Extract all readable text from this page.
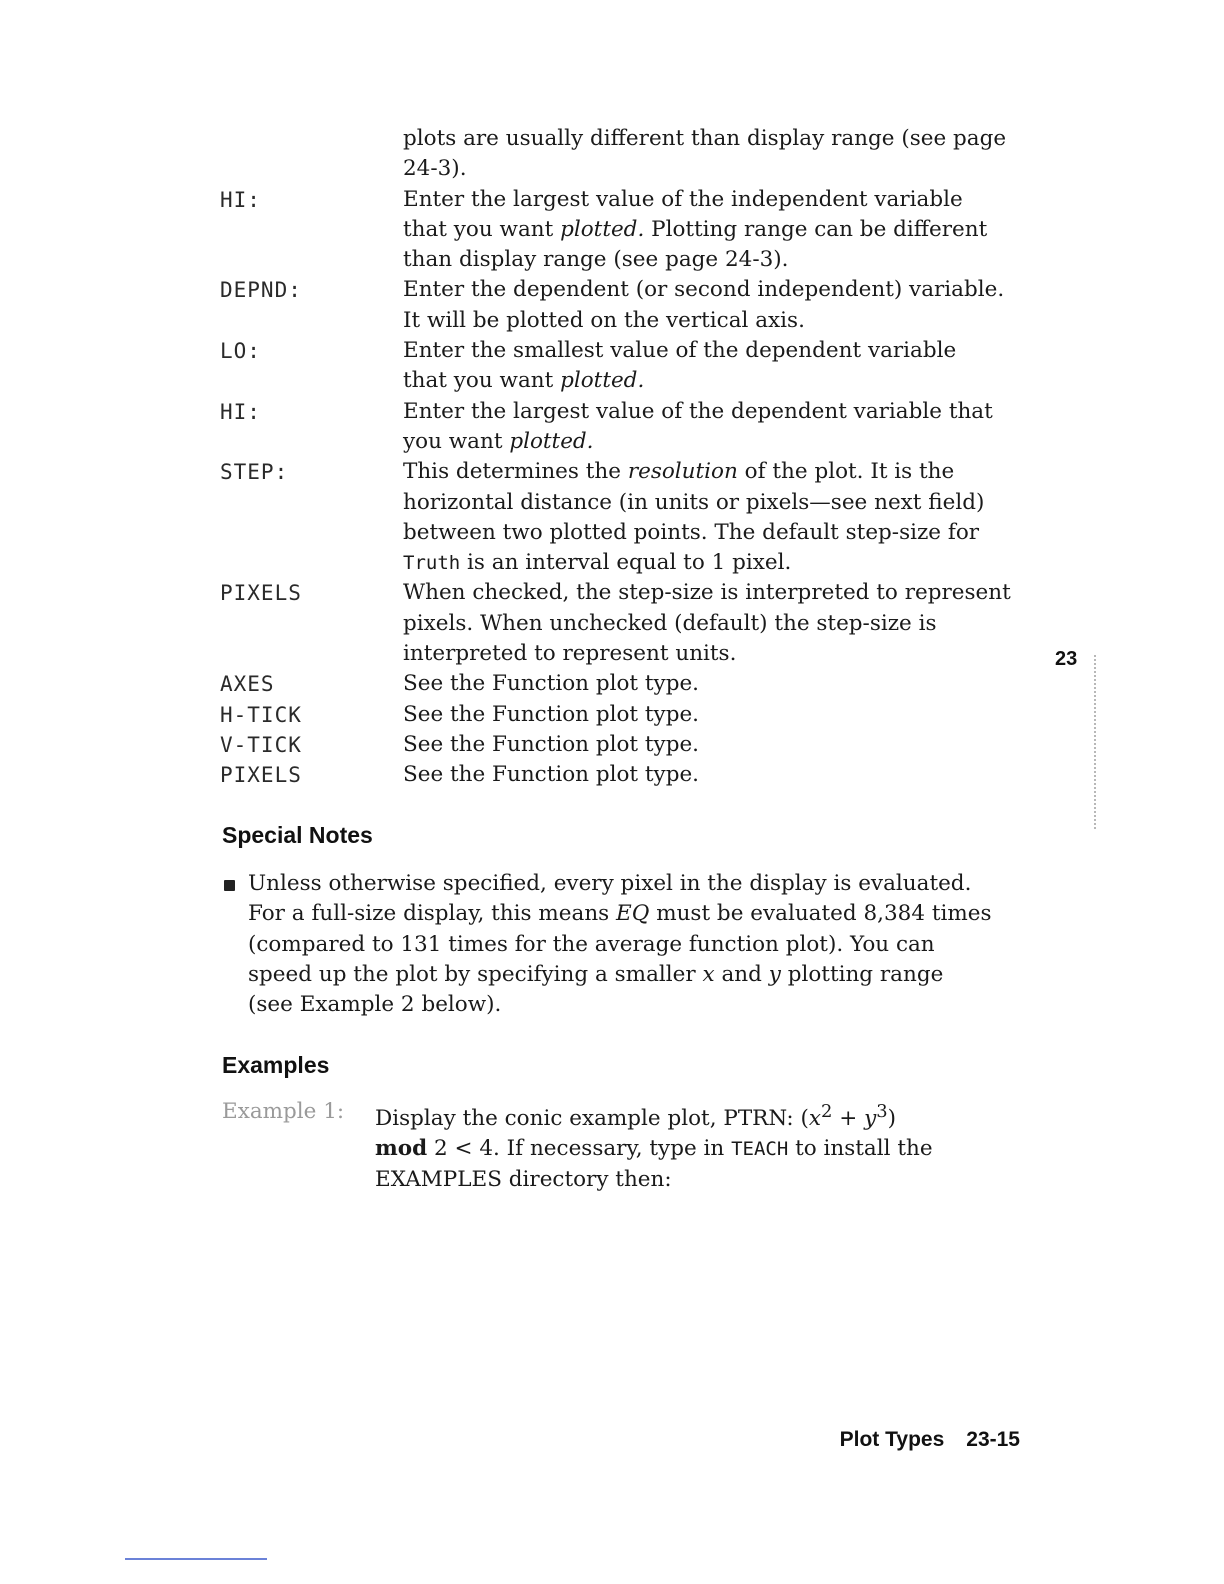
plots are usually different than display range (see page
24-3).
HI:	Enter the largest value of the independent variable
that you want plotted. Plotting range can be different
than display range (see page 24-3).
DEPND:	Enter the dependent (or second independent) variable.
It will be plotted on the vertical axis.
LO:	Enter the smallest value of the dependent variable
that you want plotted.
HI:	Enter the largest value of the dependent variable that
you want plotted.
STEP:	This determines the resolution of the plot. It is the
horizontal distance (in units or pixels—see next field)
between two plotted points. The default step-size for
Truth is an interval equal to 1 pixel.
PIXELS	When checked, the step-size is interpreted to represent
pixels. When unchecked (default) the step-size is
interpreted to represent units.
AXES	See the Function plot type.
H-TICK	See the Function plot type.
V-TICK	See the Function plot type.
PIXELS	See the Function plot type.
Special Notes
Unless otherwise specified, every pixel in the display is evaluated.
For a full-size display, this means EQ must be evaluated 8,384 times
(compared to 131 times for the average function plot). You can
speed up the plot by specifying a smaller x and y plotting range
(see Example 2 below).
Examples
Example 1:	Display the conic example plot, PTRN: $(x^2 + y^3)$
mod 2 < 4. If necessary, type in TEACH to install the
EXAMPLES directory then:
23
Plot Types 23-15
